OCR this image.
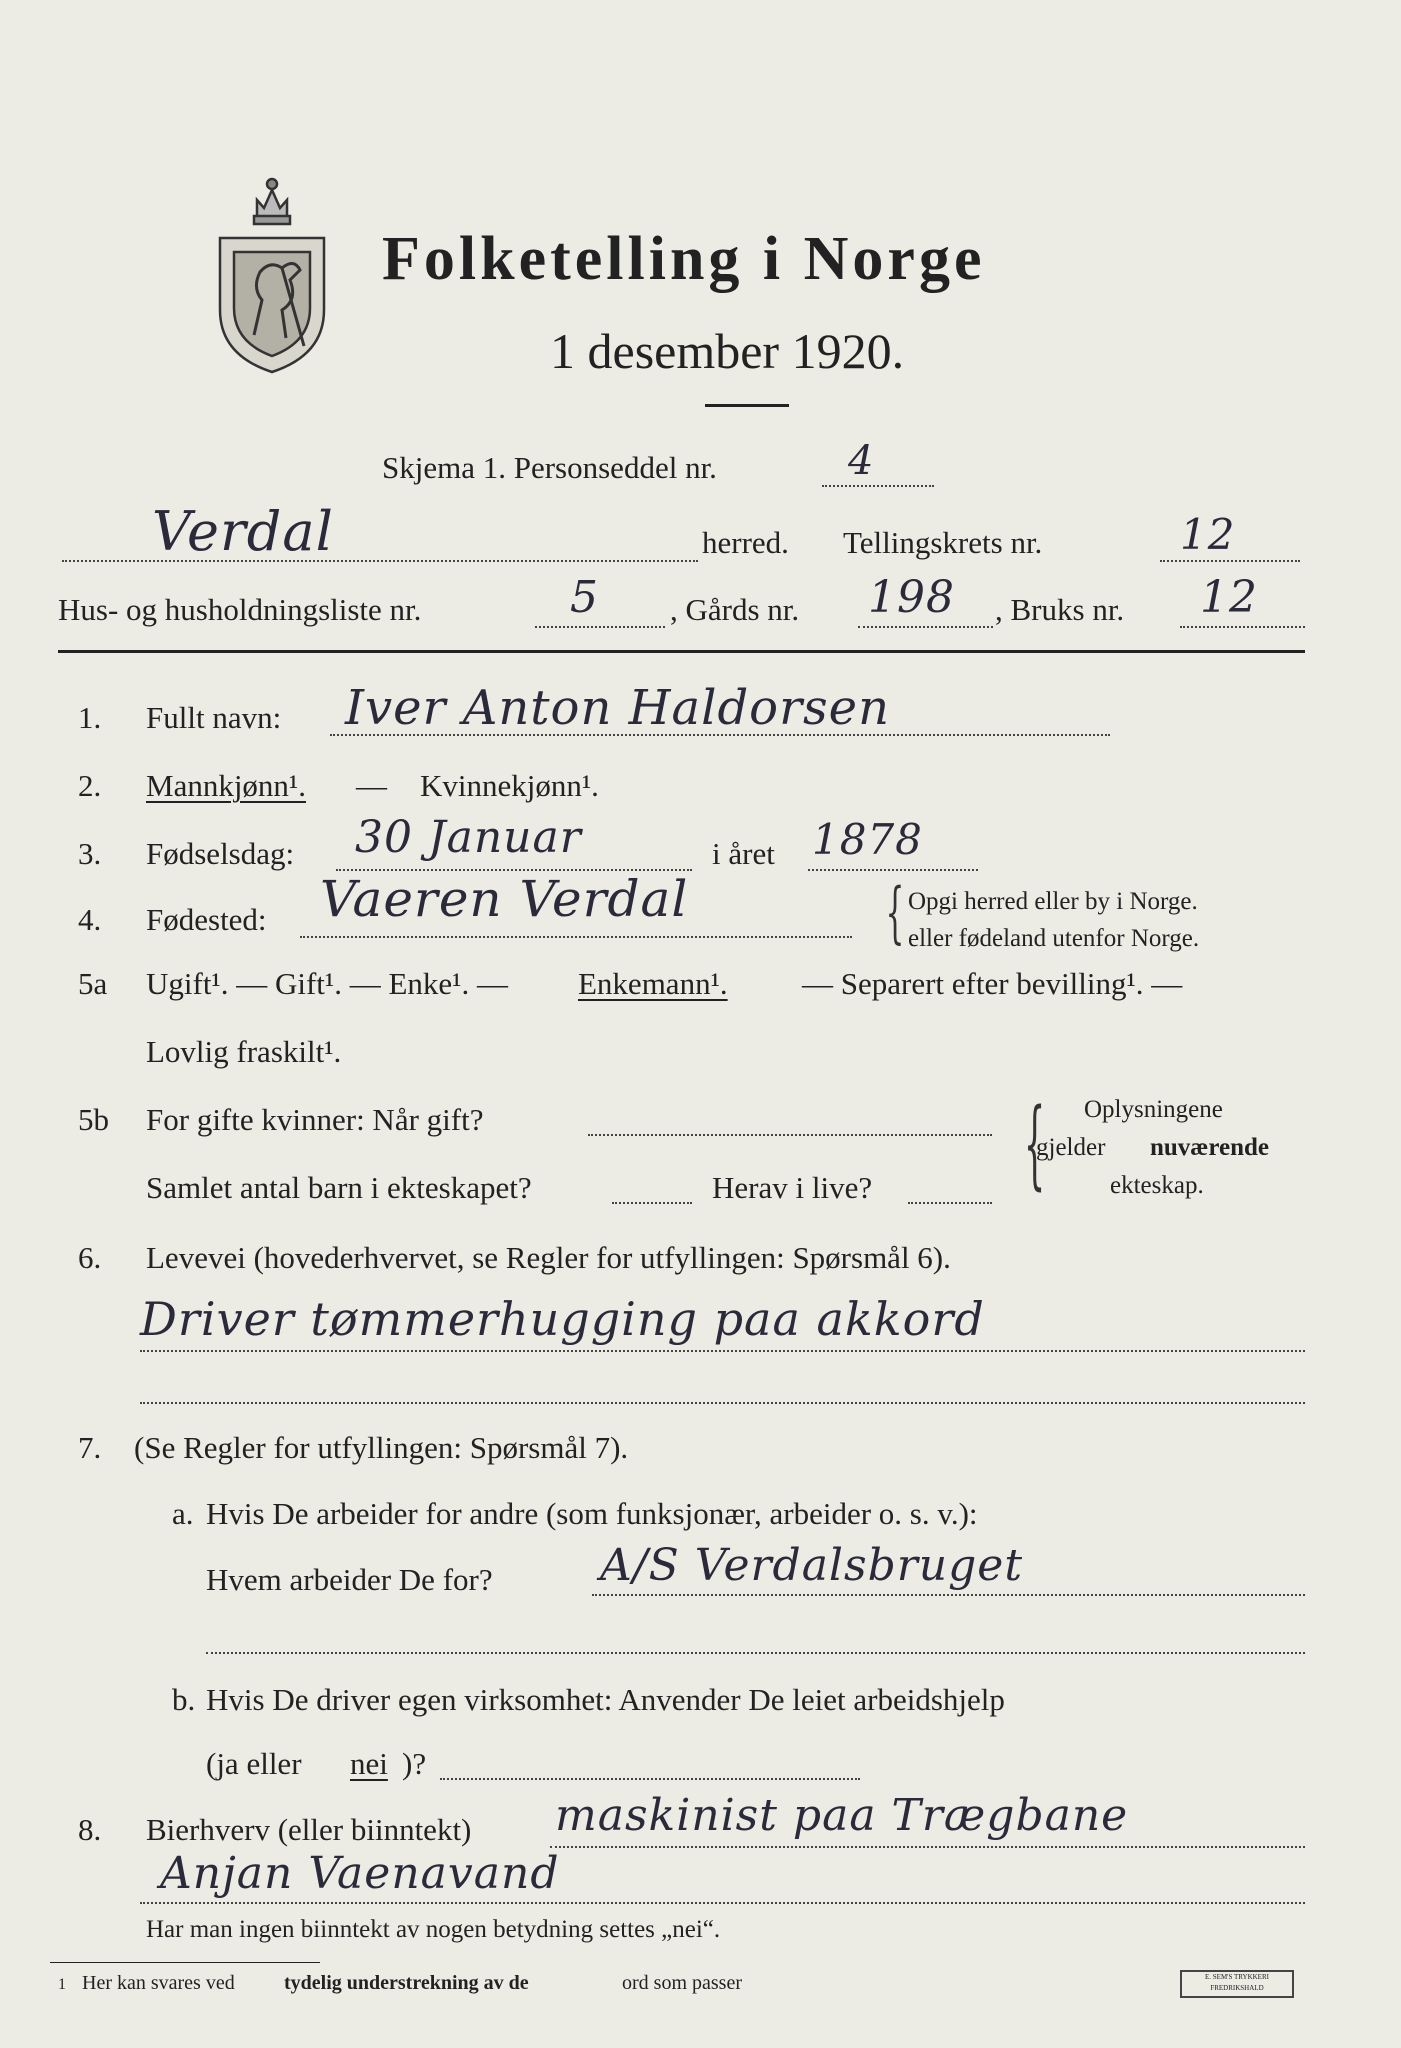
Folketelling i Norge
1 desember 1920.
Skjema 1. Personseddel nr.	4
Verdal	herred. Tellingskrets nr.	12
Hus- og husholdningsliste nr.	5 , Gårds nr. 198 , Bruks nr. 12
1. Fullt navn: Iver Anton Haldorsen
2. Mannkjønn¹. — Kvinnekjønn¹.
3. Fødselsdag: 30 Januar	i året 1878
4. Fødested: Vaeren Verdal	{ Opgi herred eller by i Norge.
eller fødeland utenfor Norge.
5a Ugift¹. — Gift¹. — Enke¹. — Enkemann¹. — Separert efter bevilling¹. —
Lovlig fraskilt¹.
5b For gifte kvinner: Når gift?
Samlet antal barn i ekteskapet?	Herav i live? { Oplysningene
gjelder nuværende
ekteskap.
6. Levevei (hovederhvervet, se Regler for utfyllingen: Spørsmål 6).
Driver tømmerhugging paa akkord
7. (Se Regler for utfyllingen: Spørsmål 7).
a. Hvis De arbeider for andre (som funksjonær, arbeider o. s. v.):
Hvem arbeider De for? A/S Verdalsbruget
b. Hvis De driver egen virksomhet: Anvender De leiet arbeidshjelp
(ja eller nei )?
8. Bierhverv (eller biinntekt) maskinist paa Trægbane
Anjan Vaenavand
Har man ingen biinntekt av nogen betydning settes „nei“.
1 Her kan svares ved tydelig understrekning av de	ord som passer	E. SEM'S TRYKKERI FREDRIKSHALD
